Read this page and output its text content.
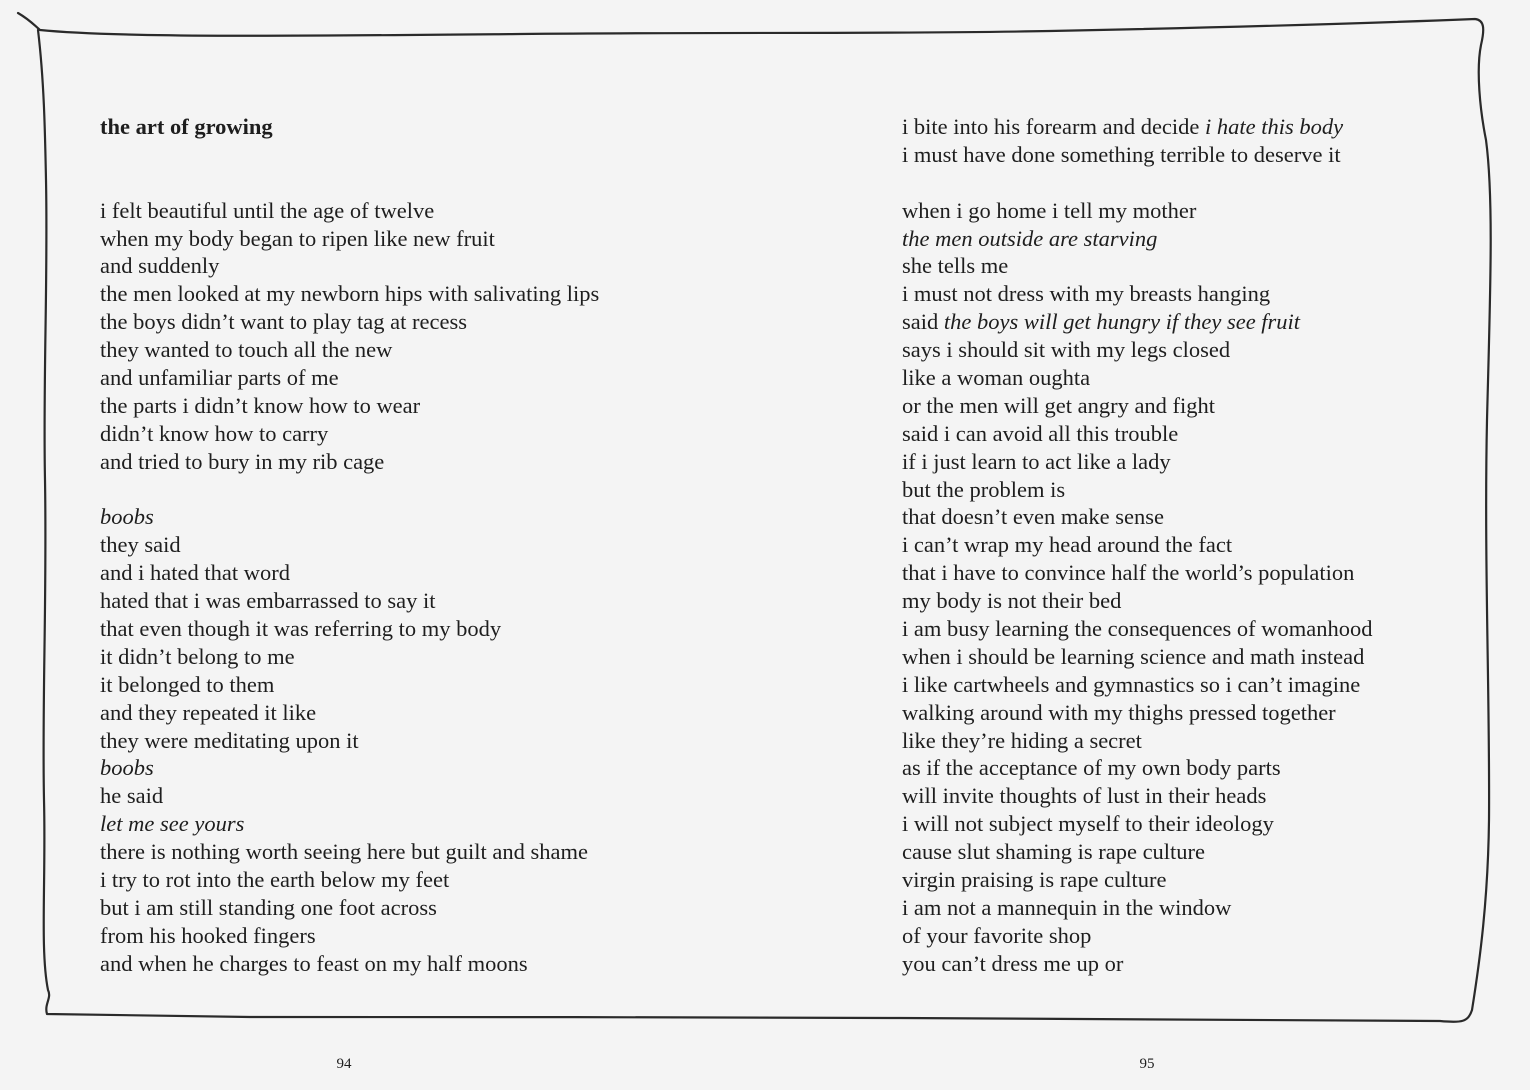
the art of growing
i felt beautiful until the age of twelve
when my body began to ripen like new fruit
and suddenly
the men looked at my newborn hips with salivating lips
the boys didn’t want to play tag at recess
they wanted to touch all the new
and unfamiliar parts of me
the parts i didn’t know how to wear
didn’t know how to carry
and tried to bury in my rib cage
boobs
they said
and i hated that word
hated that i was embarrassed to say it
that even though it was referring to my body
it didn’t belong to me
it belonged to them
and they repeated it like
they were meditating upon it
boobs
he said
let me see yours
there is nothing worth seeing here but guilt and shame
i try to rot into the earth below my feet
but i am still standing one foot across
from his hooked fingers
and when he charges to feast on my half moons
i bite into his forearm and decide i hate this body
i must have done something terrible to deserve it
when i go home i tell my mother
the men outside are starving
she tells me
i must not dress with my breasts hanging
said the boys will get hungry if they see fruit
says i should sit with my legs closed
like a woman oughta
or the men will get angry and fight
said i can avoid all this trouble
if i just learn to act like a lady
but the problem is
that doesn’t even make sense
i can’t wrap my head around the fact
that i have to convince half the world’s population
my body is not their bed
i am busy learning the consequences of womanhood
when i should be learning science and math instead
i like cartwheels and gymnastics so i can’t imagine
walking around with my thighs pressed together
like they’re hiding a secret
as if the acceptance of my own body parts
will invite thoughts of lust in their heads
i will not subject myself to their ideology
cause slut shaming is rape culture
virgin praising is rape culture
i am not a mannequin in the window
of your favorite shop
you can’t dress me up or
94	95
